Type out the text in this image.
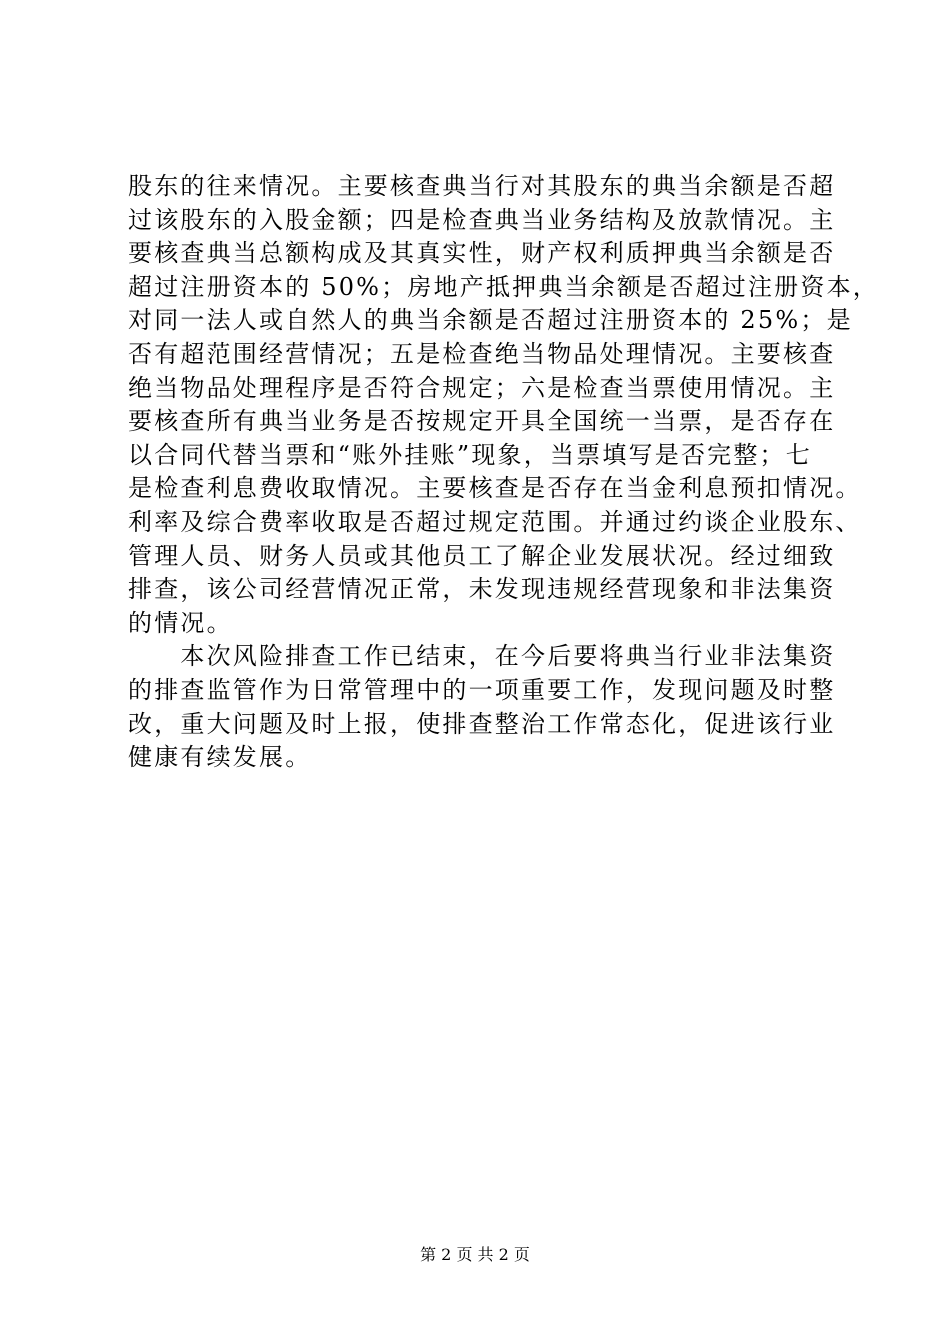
股东的往来情况。主要核查典当行对其股东的典当余额是否超
过该股东的入股金额；四是检查典当业务结构及放款情况。主
要核查典当总额构成及其真实性，财产权利质押典当余额是否
超过注册资本的 50%；房地产抵押典当余额是否超过注册资本，
对同一法人或自然人的典当余额是否超过注册资本的 25%；是
否有超范围经营情况；五是检查绝当物品处理情况。主要核查
绝当物品处理程序是否符合规定；六是检查当票使用情况。主
要核查所有典当业务是否按规定开具全国统一当票，是否存在
以合同代替当票和“账外挂账”现象，当票填写是否完整；七
是检查利息费收取情况。主要核查是否存在当金利息预扣情况。
利率及综合费率收取是否超过规定范围。并通过约谈企业股东、
管理人员、财务人员或其他员工了解企业发展状况。经过细致
排查，该公司经营情况正常，未发现违规经营现象和非法集资
的情况。
　　本次风险排查工作已结束，在今后要将典当行业非法集资
的排查监管作为日常管理中的一项重要工作，发现问题及时整
改，重大问题及时上报，使排查整治工作常态化，促进该行业
健康有续发展。
第 2 页 共 2 页
